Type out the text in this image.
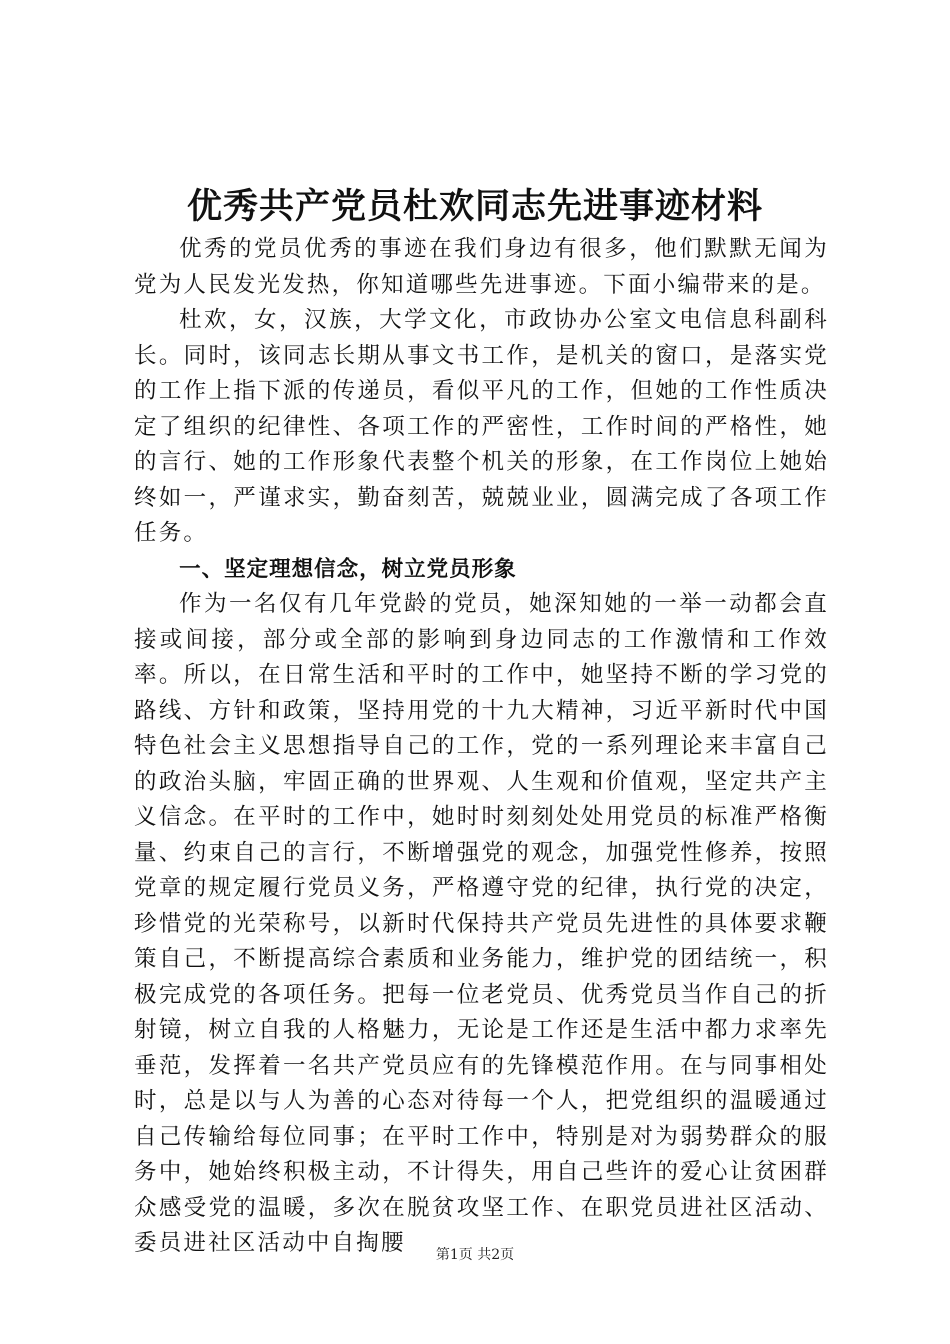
优秀共产党员杜欢同志先进事迹材料

优秀的党员优秀的事迹在我们身边有很多，他们默默无闻为党为人民发光发热，你知道哪些先进事迹。下面小编带来的是。

杜欢，女，汉族，大学文化，市政协办公室文电信息科副科长。同时，该同志长期从事文书工作，是机关的窗口，是落实党的工作上指下派的传递员，看似平凡的工作，但她的工作性质决定了组织的纪律性、各项工作的严密性，工作时间的严格性，她的言行、她的工作形象代表整个机关的形象，在工作岗位上她始终如一，严谨求实，勤奋刻苦，兢兢业业，圆满完成了各项工作任务。

一、坚定理想信念，树立党员形象

作为一名仅有几年党龄的党员，她深知她的一举一动都会直接或间接，部分或全部的影响到身边同志的工作激情和工作效率。所以，在日常生活和平时的工作中，她坚持不断的学习党的路线、方针和政策，坚持用党的十九大精神，习近平新时代中国特色社会主义思想指导自己的工作，党的一系列理论来丰富自己的政治头脑，牢固正确的世界观、人生观和价值观，坚定共产主义信念。在平时的工作中，她时时刻刻处处用党员的标准严格衡量、约束自己的言行，不断增强党的观念，加强党性修养，按照党章的规定履行党员义务，严格遵守党的纪律，执行党的决定，珍惜党的光荣称号，以新时代保持共产党员先进性的具体要求鞭策自己，不断提高综合素质和业务能力，维护党的团结统一，积极完成党的各项任务。把每一位老党员、优秀党员当作自己的折射镜，树立自我的人格魅力，无论是工作还是生活中都力求率先垂范，发挥着一名共产党员应有的先锋模范作用。在与同事相处时，总是以与人为善的心态对待每一个人，把党组织的温暖通过自己传输给每位同事；在平时工作中，特别是对为弱势群众的服务中，她始终积极主动，不计得失，用自己些许的爱心让贫困群众感受党的温暖，多次在脱贫攻坚工作、在职党员进社区活动、委员进社区活动中自掏腰	第1页 共2页
